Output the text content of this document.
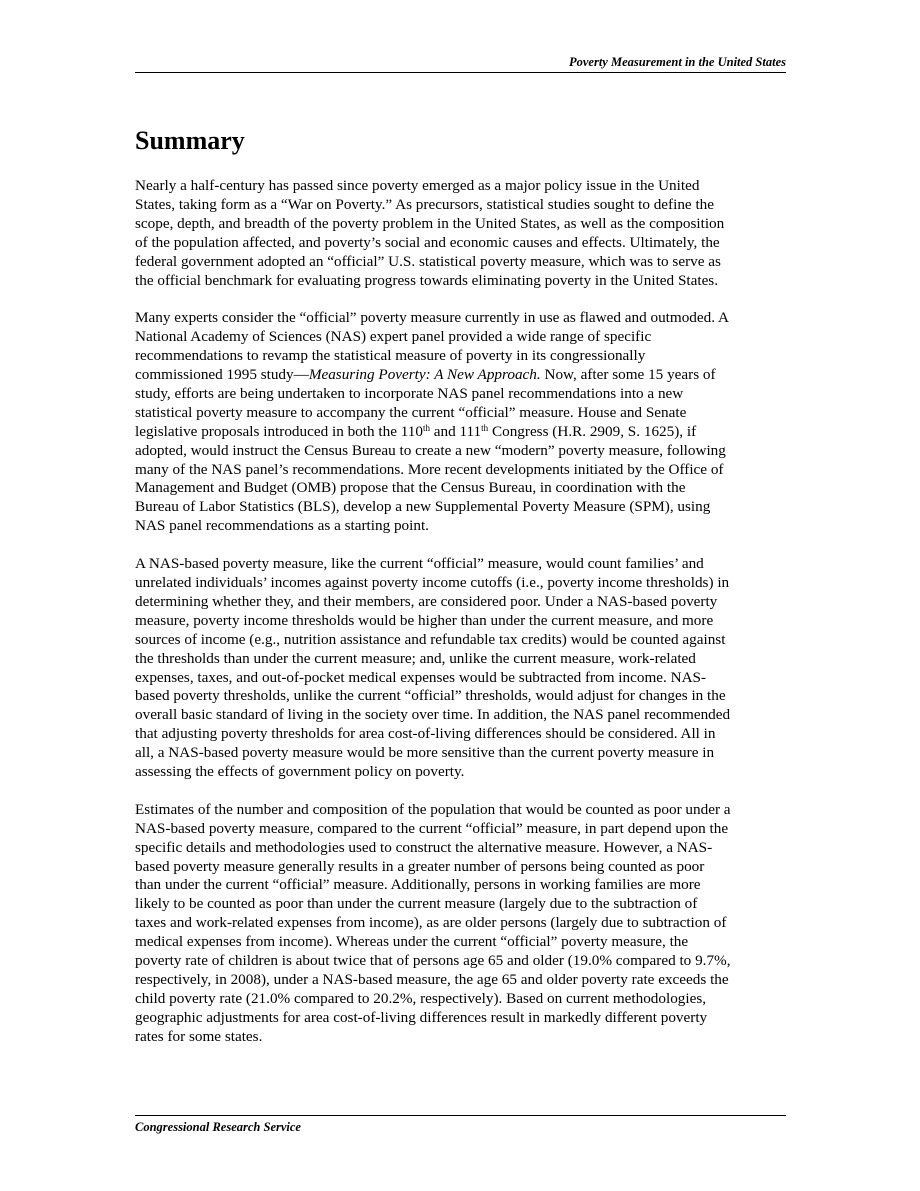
Poverty Measurement in the United States
Summary

Nearly a half-century has passed since poverty emerged as a major policy issue in the United
States, taking form as a “War on Poverty.” As precursors, statistical studies sought to define the
scope, depth, and breadth of the poverty problem in the United States, as well as the composition
of the population affected, and poverty’s social and economic causes and effects. Ultimately, the
federal government adopted an “official” U.S. statistical poverty measure, which was to serve as
the official benchmark for evaluating progress towards eliminating poverty in the United States.

Many experts consider the “official” poverty measure currently in use as flawed and outmoded. A
National Academy of Sciences (NAS) expert panel provided a wide range of specific
recommendations to revamp the statistical measure of poverty in its congressionally
commissioned 1995 study—Measuring Poverty: A New Approach. Now, after some 15 years of
study, efforts are being undertaken to incorporate NAS panel recommendations into a new
statistical poverty measure to accompany the current “official” measure. House and Senate
legislative proposals introduced in both the 110th and 111th Congress (H.R. 2909, S. 1625), if
adopted, would instruct the Census Bureau to create a new “modern” poverty measure, following
many of the NAS panel’s recommendations. More recent developments initiated by the Office of
Management and Budget (OMB) propose that the Census Bureau, in coordination with the
Bureau of Labor Statistics (BLS), develop a new Supplemental Poverty Measure (SPM), using
NAS panel recommendations as a starting point.

A NAS-based poverty measure, like the current “official” measure, would count families’ and
unrelated individuals’ incomes against poverty income cutoffs (i.e., poverty income thresholds) in
determining whether they, and their members, are considered poor. Under a NAS-based poverty
measure, poverty income thresholds would be higher than under the current measure, and more
sources of income (e.g., nutrition assistance and refundable tax credits) would be counted against
the thresholds than under the current measure; and, unlike the current measure, work-related
expenses, taxes, and out-of-pocket medical expenses would be subtracted from income. NAS-
based poverty thresholds, unlike the current “official” thresholds, would adjust for changes in the
overall basic standard of living in the society over time. In addition, the NAS panel recommended
that adjusting poverty thresholds for area cost-of-living differences should be considered. All in
all, a NAS-based poverty measure would be more sensitive than the current poverty measure in
assessing the effects of government policy on poverty.

Estimates of the number and composition of the population that would be counted as poor under a
NAS-based poverty measure, compared to the current “official” measure, in part depend upon the
specific details and methodologies used to construct the alternative measure. However, a NAS-
based poverty measure generally results in a greater number of persons being counted as poor
than under the current “official” measure. Additionally, persons in working families are more
likely to be counted as poor than under the current measure (largely due to the subtraction of
taxes and work-related expenses from income), as are older persons (largely due to subtraction of
medical expenses from income). Whereas under the current “official” poverty measure, the
poverty rate of children is about twice that of persons age 65 and older (19.0% compared to 9.7%,
respectively, in 2008), under a NAS-based measure, the age 65 and older poverty rate exceeds the
child poverty rate (21.0% compared to 20.2%, respectively). Based on current methodologies,
geographic adjustments for area cost-of-living differences result in markedly different poverty
rates for some states.

Congressional Research Service
